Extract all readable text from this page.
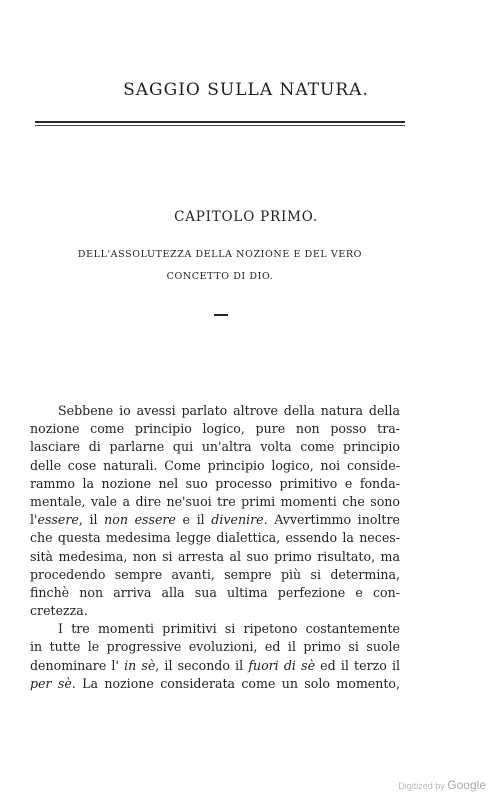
SAGGIO SULLA NATURA.
CAPITOLO PRIMO.
DELL'ASSOLUTEZZA DELLA NOZIONE E DEL VERO
CONCETTO DI DIO.
Sebbene io avessi parlato altrove della natura della
nozione come principio logico, pure non posso tra-
lasciare di parlarne qui un'altra volta come principio
delle cose naturali. Come principio logico, noi conside-
rammo la nozione nel suo processo primitivo e fonda-
mentale, vale a dire ne'suoi tre primi momenti che sono
l'essere, il non essere e il divenire. Avvertimmo inoltre
che questa medesima legge dialettica, essendo la neces-
sità medesima, non si arresta al suo primo risultato, ma
procedendo sempre avanti, sempre più si determina,
finchè non arriva alla sua ultima perfezione e con-
cretezza.
I tre momenti primitivi si ripetono costantemente
in tutte le progressive evoluzioni, ed il primo si suole
denominare l' in sè, il secondo il fuori di sè ed il terzo il
per sè. La nozione considerata come un solo momento,
Digitized by Google
